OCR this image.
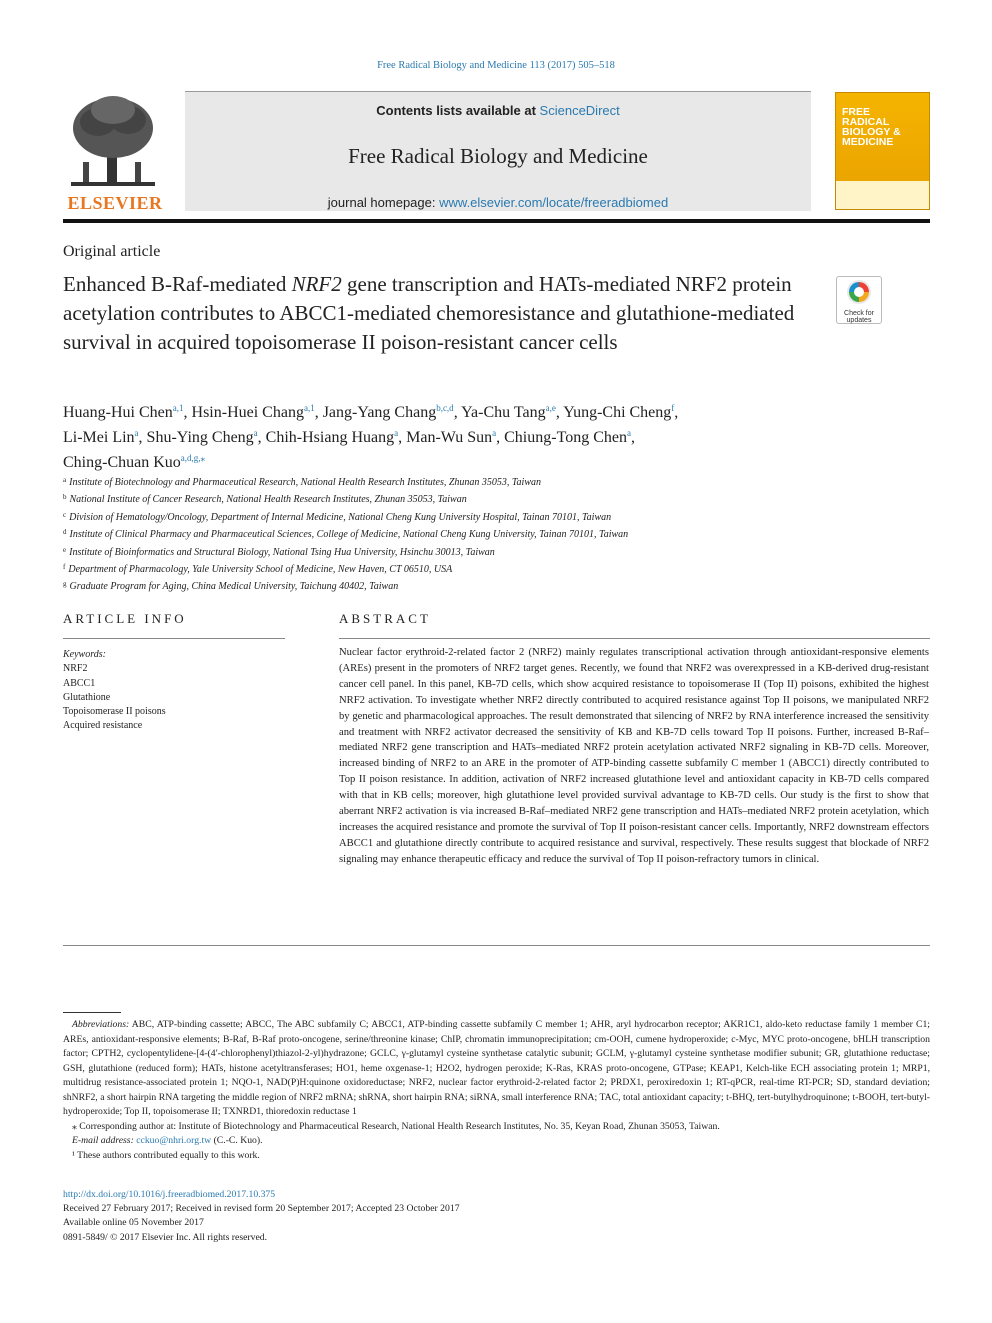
Free Radical Biology and Medicine 113 (2017) 505–518
ELSEVIER
Contents lists available at ScienceDirect
Free Radical Biology and Medicine
journal homepage: www.elsevier.com/locate/freeradbiomed
FREE RADICAL BIOLOGY & MEDICINE
Original article
Enhanced B-Raf-mediated NRF2 gene transcription and HATs-mediated NRF2 protein acetylation contributes to ABCC1-mediated chemoresistance and glutathione-mediated survival in acquired topoisomerase II poison-resistant cancer cells
Check for
updates
Huang-Hui Chen$^{a,1}$, Hsin-Huei Chang$^{a,1}$, Jang-Yang Chang$^{b,c,d}$, Ya-Chu Tang$^{a,e}$, Yung-Chi Cheng$^f$,
Li-Mei Lin$^a$, Shu-Ying Cheng$^a$, Chih-Hsiang Huang$^a$, Man-Wu Sun$^a$, Chiung-Tong Chen$^a$,
Ching-Chuan Kuo$^{a,d,g,⁎}$
$^a$ Institute of Biotechnology and Pharmaceutical Research, National Health Research Institutes, Zhunan 35053, Taiwan
$^b$ National Institute of Cancer Research, National Health Research Institutes, Zhunan 35053, Taiwan
$^c$ Division of Hematology/Oncology, Department of Internal Medicine, National Cheng Kung University Hospital, Tainan 70101, Taiwan
$^d$ Institute of Clinical Pharmacy and Pharmaceutical Sciences, College of Medicine, National Cheng Kung University, Tainan 70101, Taiwan
$^e$ Institute of Bioinformatics and Structural Biology, National Tsing Hua University, Hsinchu 30013, Taiwan
$^f$ Department of Pharmacology, Yale University School of Medicine, New Haven, CT 06510, USA
$^g$ Graduate Program for Aging, China Medical University, Taichung 40402, Taiwan
ARTICLE INFO
Keywords:
NRF2
ABCC1
Glutathione
Topoisomerase II poisons
Acquired resistance
ABSTRACT
Nuclear factor erythroid-2-related factor 2 (NRF2) mainly regulates transcriptional activation through antioxidant-responsive elements (AREs) present in the promoters of NRF2 target genes. Recently, we found that NRF2 was overexpressed in a KB-derived drug-resistant cancer cell panel. In this panel, KB-7D cells, which show acquired resistance to topoisomerase II (Top II) poisons, exhibited the highest NRF2 activation. To investigate whether NRF2 directly contributed to acquired resistance against Top II poisons, we manipulated NRF2 by genetic and pharmacological approaches. The result demonstrated that silencing of NRF2 by RNA interference increased the sensitivity and treatment with NRF2 activator decreased the sensitivity of KB and KB-7D cells toward Top II poisons. Further, increased B-Raf–mediated NRF2 gene transcription and HATs–mediated NRF2 protein acetylation activated NRF2 signaling in KB-7D cells. Moreover, increased binding of NRF2 to an ARE in the promoter of ATP-binding cassette subfamily C member 1 (ABCC1) directly contributed to Top II poison resistance. In addition, activation of NRF2 increased glutathione level and antioxidant capacity in KB-7D cells compared with that in KB cells; moreover, high glutathione level provided survival advantage to KB-7D cells. Our study is the first to show that aberrant NRF2 activation is via increased B-Raf–mediated NRF2 gene transcription and HATs–mediated NRF2 protein acetylation, which increases the acquired resistance and promote the survival of Top II poison-resistant cancer cells. Importantly, NRF2 downstream effectors ABCC1 and glutathione directly contribute to acquired resistance and survival, respectively. These results suggest that blockade of NRF2 signaling may enhance therapeutic efficacy and reduce the survival of Top II poison-refractory tumors in clinical.

Abbreviations: ABC, ATP-binding cassette; ABCC, The ABC subfamily C; ABCC1, ATP-binding cassette subfamily C member 1; AHR, aryl hydrocarbon receptor; AKR1C1, aldo-keto reductase family 1 member C1; AREs, antioxidant-responsive elements; B-Raf, B-Raf proto-oncogene, serine/threonine kinase; ChIP, chromatin immunoprecipitation; cm-OOH, cumene hydroperoxide; c-Myc, MYC proto-oncogene, bHLH transcription factor; CPTH2, cyclopentylidene-[4-(4′-chlorophenyl)thiazol-2-yl)hydrazone; GCLC, γ-glutamyl cysteine synthetase catalytic subunit; GCLM, γ-glutamyl cysteine synthetase modifier subunit; GR, glutathione reductase; GSH, glutathione (reduced form); HATs, histone acetyltransferases; HO1, heme oxgenase-1; H2O2, hydrogen peroxide; K-Ras, KRAS proto-oncogene, GTPase; KEAP1, Kelch-like ECH associating protein 1; MRP1, multidrug resistance-associated protein 1; NQO-1, NAD(P)H:quinone oxidoreductase; NRF2, nuclear factor erythroid-2-related factor 2; PRDX1, peroxiredoxin 1; RT-qPCR, real-time RT-PCR; SD, standard deviation; shNRF2, a short hairpin RNA targeting the middle region of NRF2 mRNA; shRNA, short hairpin RNA; siRNA, small interference RNA; TAC, total antioxidant capacity; t-BHQ, tert-butylhydroquinone; t-BOOH, tert-butyl-hydroperoxide; Top II, topoisomerase II; TXNRD1, thioredoxin reductase 1

⁎ Corresponding author at: Institute of Biotechnology and Pharmaceutical Research, National Health Research Institutes, No. 35, Keyan Road, Zhunan 35053, Taiwan.

E-mail address: cckuo@nhri.org.tw (C.-C. Kuo).

¹ These authors contributed equally to this work.

http://dx.doi.org/10.1016/j.freeradbiomed.2017.10.375
Received 27 February 2017; Received in revised form 20 September 2017; Accepted 23 October 2017
Available online 05 November 2017
0891-5849/ © 2017 Elsevier Inc. All rights reserved.
